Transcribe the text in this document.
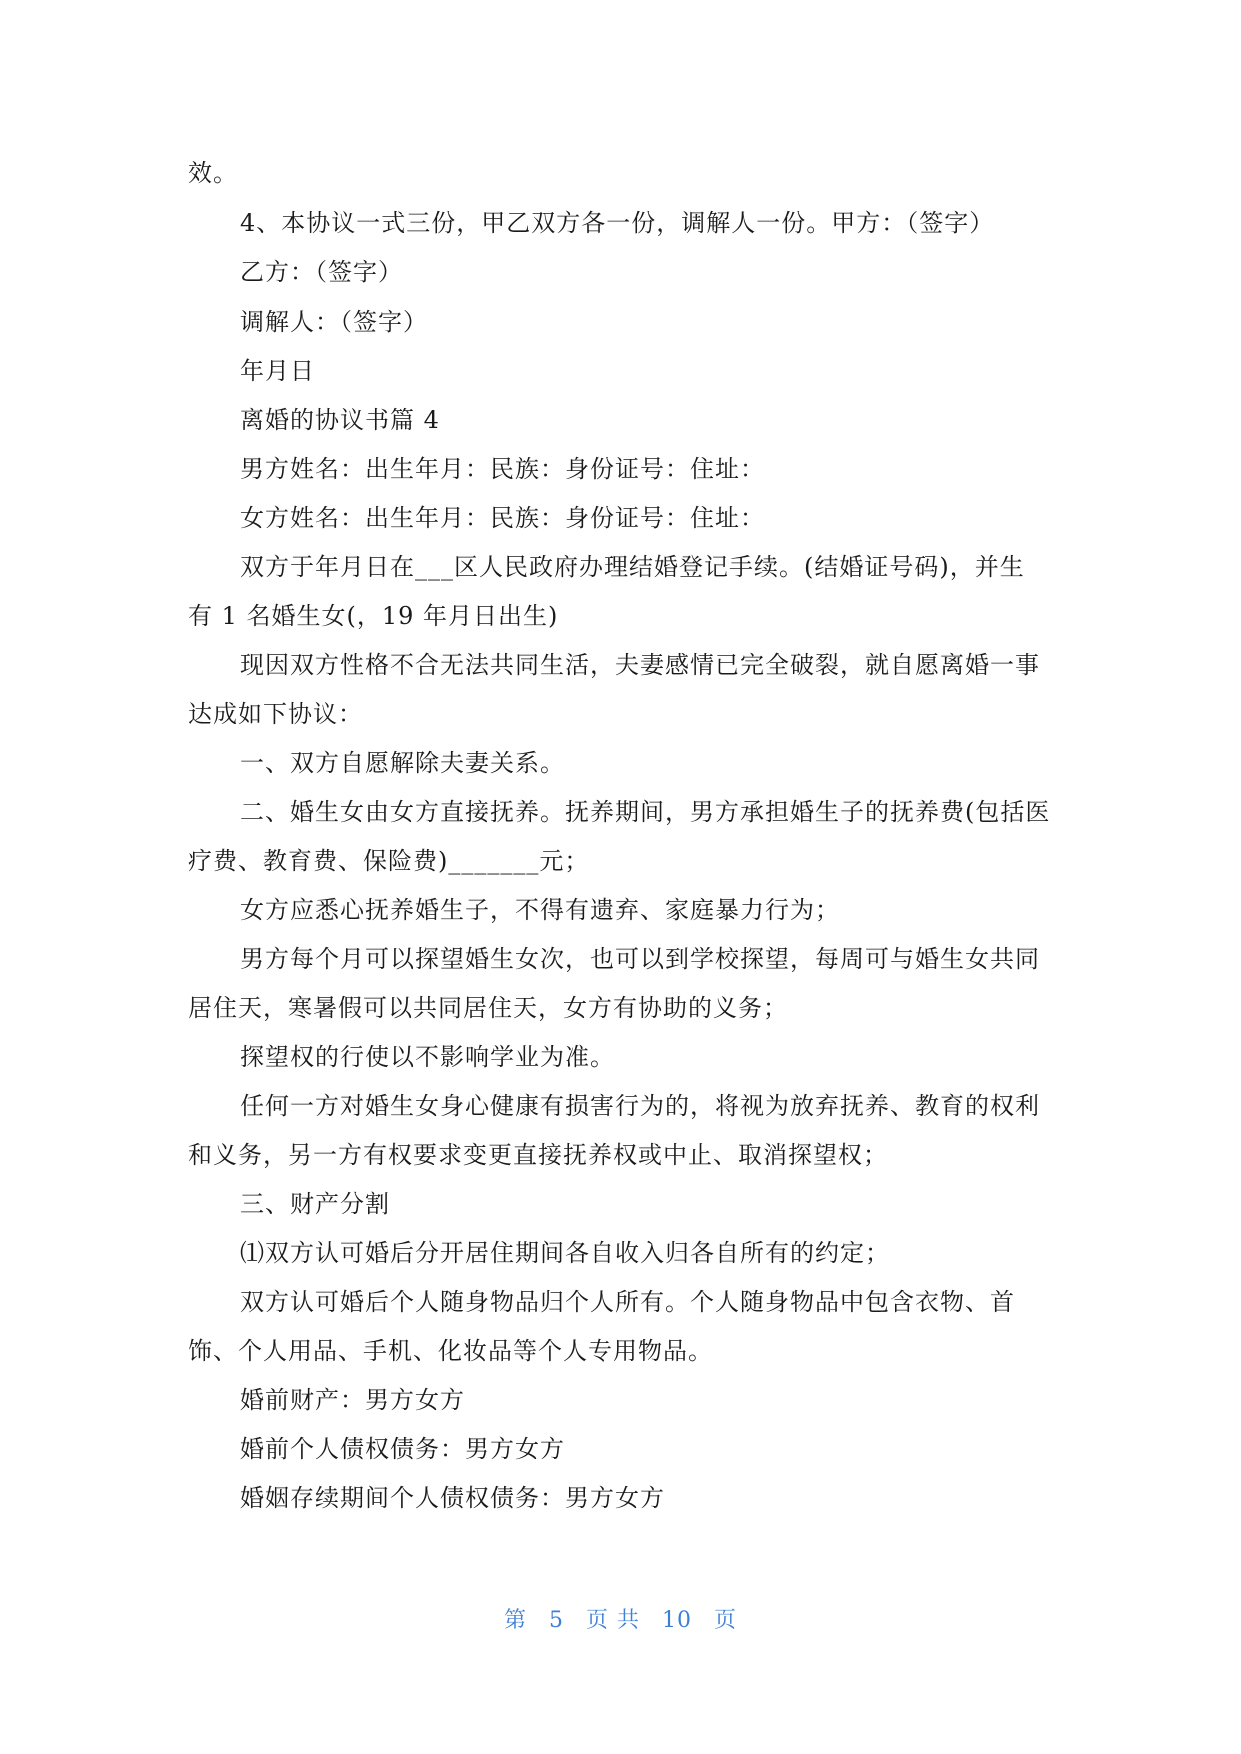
效。
4、本协议一式三份，甲乙双方各一份，调解人一份。甲方：（签字）
乙方：（签字）
调解人：（签字）
年月日
离婚的协议书篇 4
男方姓名：出生年月：民族：身份证号：住址：
女方姓名：出生年月：民族：身份证号：住址：
双方于年月日在___区人民政府办理结婚登记手续。(结婚证号码)，并生
有 1 名婚生女(，19 年月日出生)
现因双方性格不合无法共同生活，夫妻感情已完全破裂，就自愿离婚一事
达成如下协议：
一、双方自愿解除夫妻关系。
二、婚生女由女方直接抚养。抚养期间，男方承担婚生子的抚养费(包括医
疗费、教育费、保险费)_______元；
女方应悉心抚养婚生子，不得有遗弃、家庭暴力行为；
男方每个月可以探望婚生女次，也可以到学校探望，每周可与婚生女共同
居住天，寒暑假可以共同居住天，女方有协助的义务；
探望权的行使以不影响学业为准。
任何一方对婚生女身心健康有损害行为的，将视为放弃抚养、教育的权利
和义务，另一方有权要求变更直接抚养权或中止、取消探望权；
三、财产分割
⑴双方认可婚后分开居住期间各自收入归各自所有的约定；
双方认可婚后个人随身物品归个人所有。个人随身物品中包含衣物、首
饰、个人用品、手机、化妆品等个人专用物品。
婚前财产：男方女方
婚前个人债权债务：男方女方
婚姻存续期间个人债权债务：男方女方
第 5 页 共 10 页
